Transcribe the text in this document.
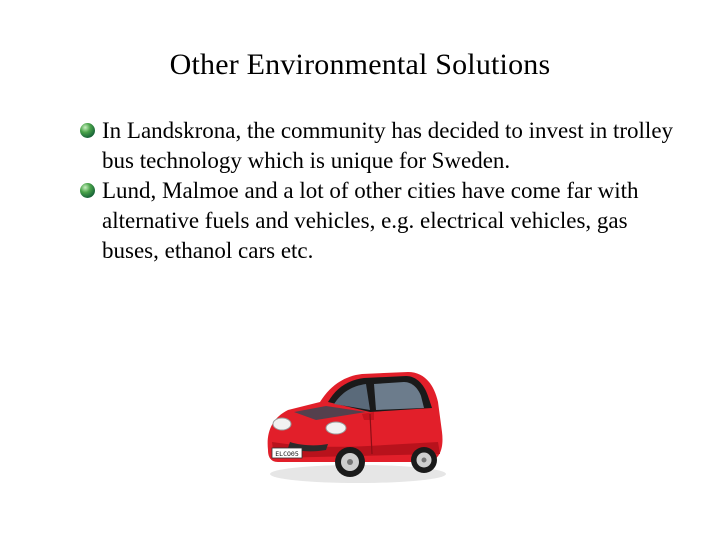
Other Environmental Solutions
In Landskrona, the community has decided to invest in trolley bus technology which is unique for Sweden.
Lund, Malmoe and a lot of other cities have come far with alternative fuels and vehicles, e.g. electrical vehicles, gas buses, ethanol cars etc.
ELCO05
